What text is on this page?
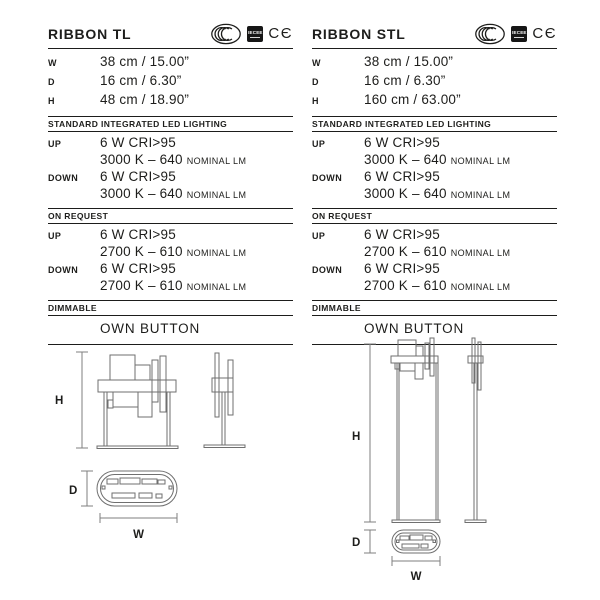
RIBBON TL	IECEE CЄ
W	38 cm / 15.00”
D	16 cm / 6.30”
H	48 cm / 18.90”
STANDARD INTEGRATED LED LIGHTING
UP	6 W CRI>95
3000 K – 640 NOMINAL LM
DOWN	6 W CRI>95
3000 K – 640 NOMINAL LM
ON REQUEST
UP	6 W CRI>95
2700 K – 610 NOMINAL LM
DOWN	6 W CRI>95
2700 K – 610 NOMINAL LM
DIMMABLE
OWN BUTTON
RIBBON STL	IECEE CЄ
W	38 cm / 15.00”
D	16 cm / 6.30”
H	160 cm / 63.00”
STANDARD INTEGRATED LED LIGHTING
UP	6 W CRI>95
3000 K – 640 NOMINAL LM
DOWN	6 W CRI>95
3000 K – 640 NOMINAL LM
ON REQUEST
UP	6 W CRI>95
2700 K – 610 NOMINAL LM
DOWN	6 W CRI>95
2700 K – 610 NOMINAL LM
DIMMABLE
OWN BUTTON
H
D
W
H
D
W
